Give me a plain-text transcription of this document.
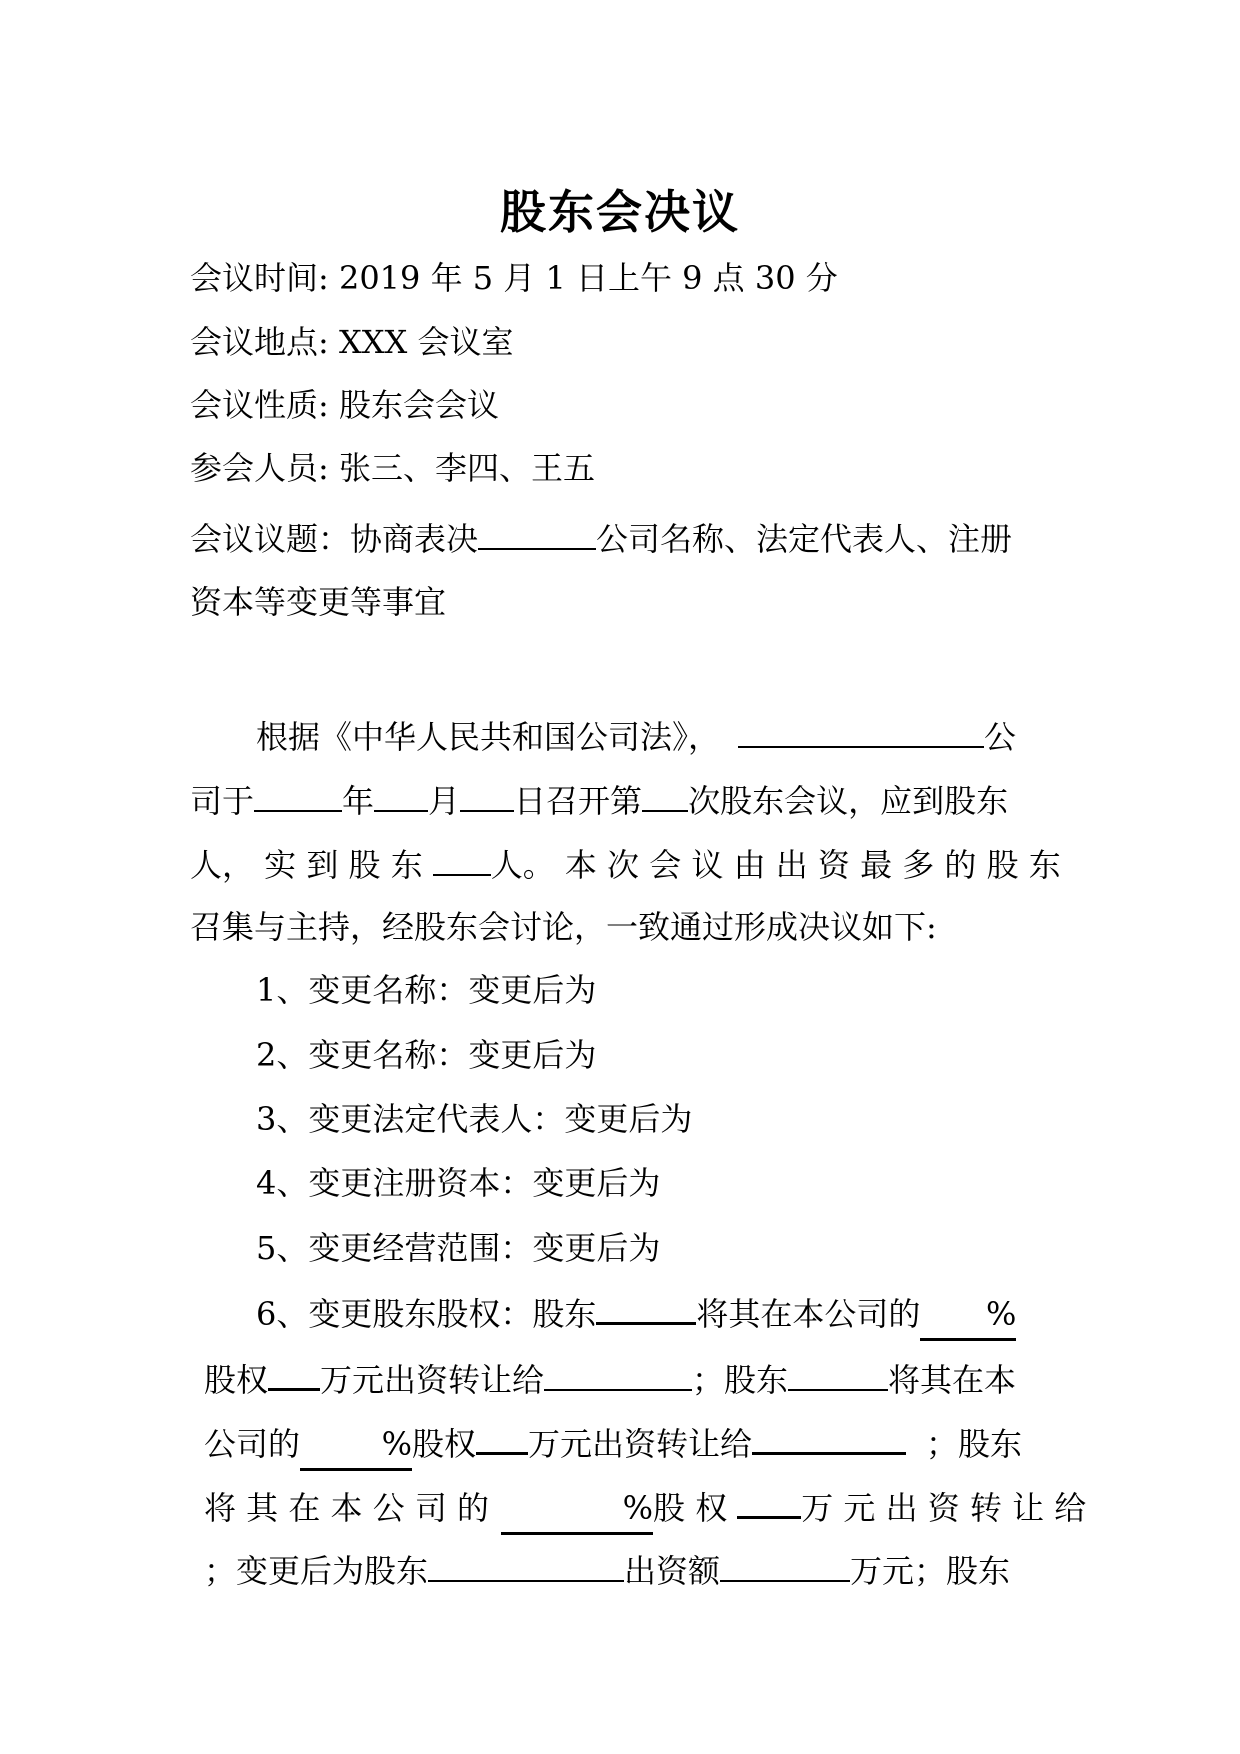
股东会决议
会议时间: 2019 年 5 月 1 日上午 9 点 30 分
会议地点: XXX 会议室
会议性质: 股东会会议
参会人员: 张三、李四、王五
会议议题：协商表决	公司名称、法定代表人、注册
资本等变更等事宜
根据《中华人民共和国公司法》，	公
司于	年 月 日召开第 次股东会议，应到股东
人， 实 到 股 东 人。 本 次 会 议 由 出 资 最 多 的 股 东
召集与主持，经股东会讨论，一致通过形成决议如下:
1、变更名称：变更后为
2、变更名称：变更后为
3、变更法定代表人：变更后为
4、变更注册资本：变更后为
5、变更经营范围：变更后为
6、变更股东股权：股东	将其在本公司的 %
股权 万元出资转让给	；股东	将其在本
公司的	%股权 万元出资转让给	；股东
将 其 在 本 公 司 的	%股 权 万 元 出 资 转 让 给
；变更后为股东	出资额	万元；股东
